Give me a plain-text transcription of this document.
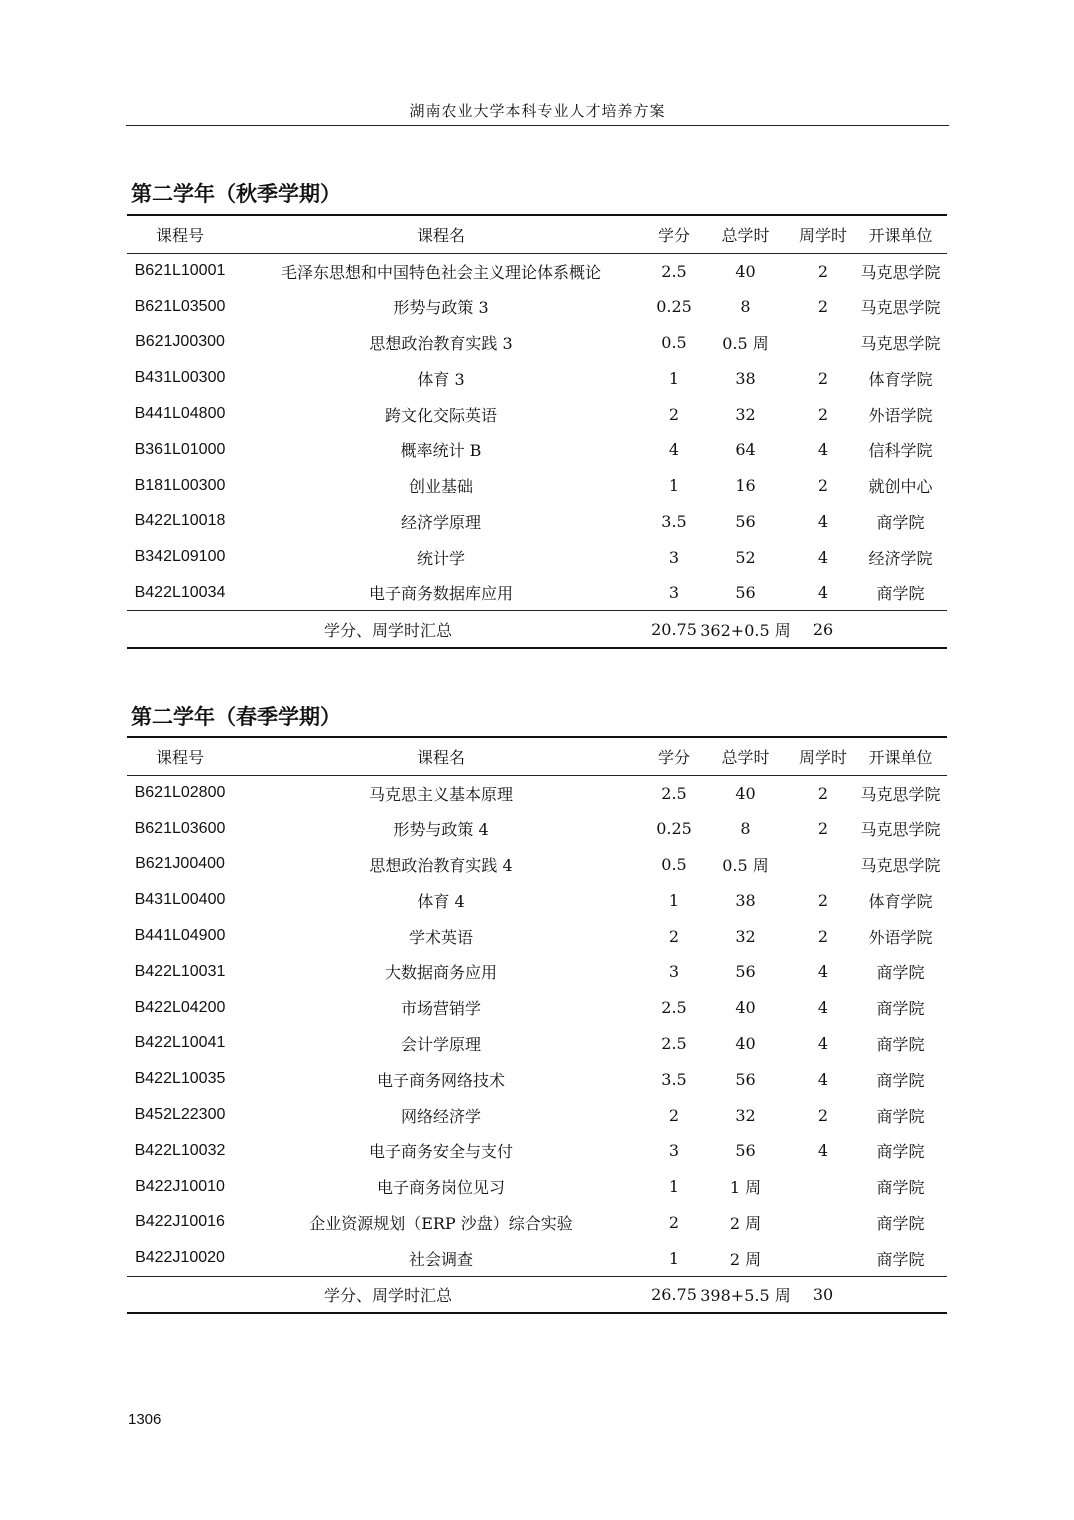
湖南农业大学本科专业人才培养方案
第二学年（秋季学期）
课程号	课程名	学分	总学时	周学时	开课单位
B621L10001	毛泽东思想和中国特色社会主义理论体系概论	2.5	40	2	马克思学院
B621L03500	形势与政策 3	0.25	8	2	马克思学院
B621J00300	思想政治教育实践 3	0.5	0.5 周		马克思学院
B431L00300	体育 3	1	38	2	体育学院
B441L04800	跨文化交际英语	2	32	2	外语学院
B361L01000	概率统计 B	4	64	4	信科学院
B181L00300	创业基础	1	16	2	就创中心
B422L10018	经济学原理	3.5	56	4	商学院
B342L09100	统计学	3	52	4	经济学院
B422L10034	电子商务数据库应用	3	56	4	商学院
学分、周学时汇总		20.75	362+0.5 周	26	
第二学年（春季学期）
课程号	课程名	学分	总学时	周学时	开课单位
B621L02800	马克思主义基本原理	2.5	40	2	马克思学院
B621L03600	形势与政策 4	0.25	8	2	马克思学院
B621J00400	思想政治教育实践 4	0.5	0.5 周		马克思学院
B431L00400	体育 4	1	38	2	体育学院
B441L04900	学术英语	2	32	2	外语学院
B422L10031	大数据商务应用	3	56	4	商学院
B422L04200	市场营销学	2.5	40	4	商学院
B422L10041	会计学原理	2.5	40	4	商学院
B422L10035	电子商务网络技术	3.5	56	4	商学院
B452L22300	网络经济学	2	32	2	商学院
B422L10032	电子商务安全与支付	3	56	4	商学院
B422J10010	电子商务岗位见习	1	1 周		商学院
B422J10016	企业资源规划（ERP 沙盘）综合实验	2	2 周		商学院
B422J10020	社会调查	1	2 周		商学院
学分、周学时汇总		26.75	398+5.5 周	30	
1306
